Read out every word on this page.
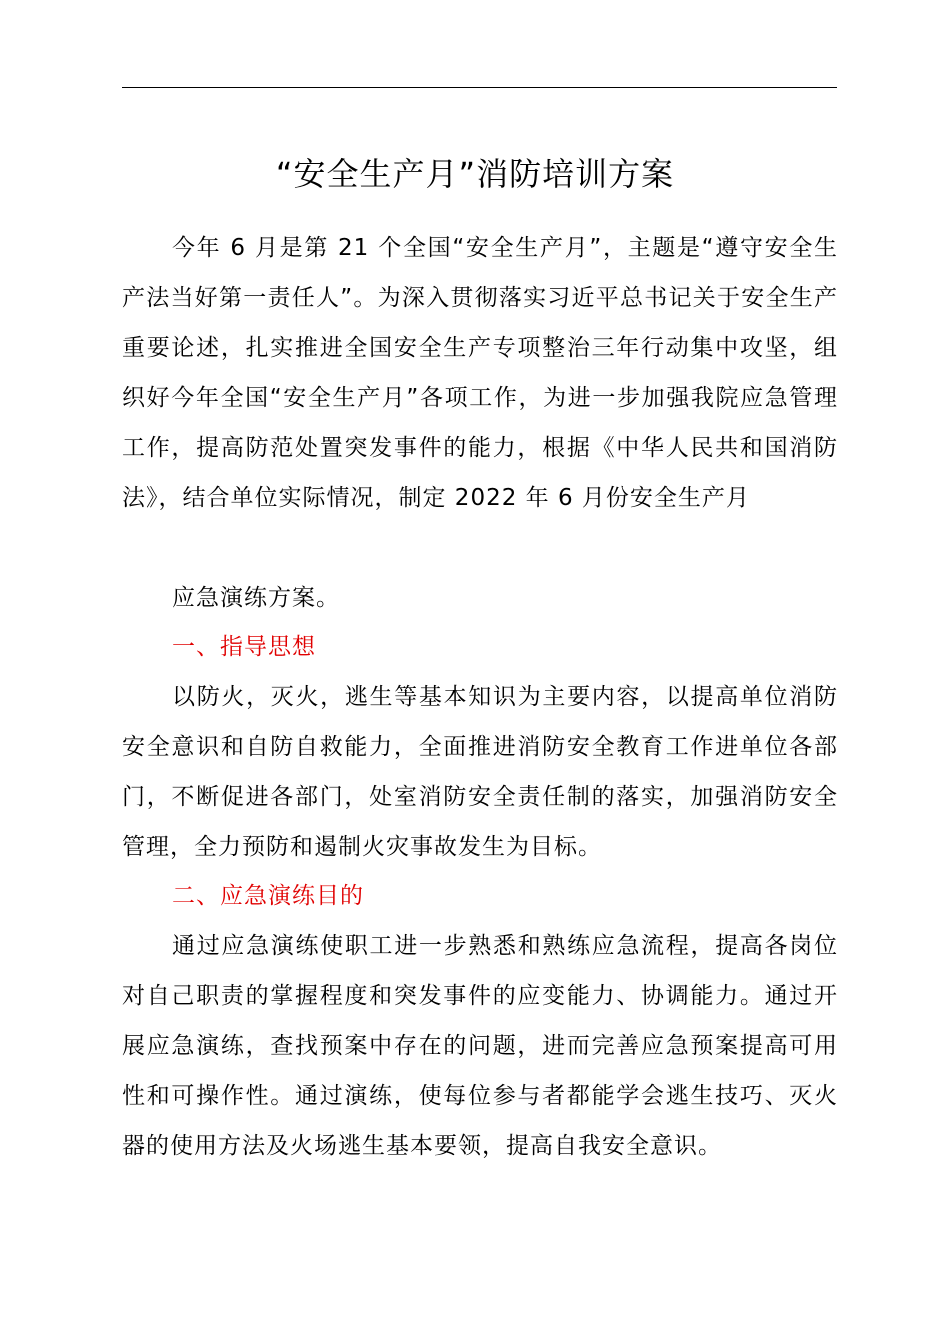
“安全生产月”消防培训方案
今年 6 月是第 21 个全国“安全生产月”，主题是“遵守安全生产法当好第一责任人”。为深入贯彻落实习近平总书记关于安全生产重要论述，扎实推进全国安全生产专项整治三年行动集中攻坚，组织好今年全国“安全生产月”各项工作，为进一步加强我院应急管理工作，提高防范处置突发事件的能力，根据《中华人民共和国消防法》，结合单位实际情况，制定 2022 年 6 月份安全生产月
应急演练方案。
一、指导思想
以防火，灭火，逃生等基本知识为主要内容，以提高单位消防安全意识和自防自救能力，全面推进消防安全教育工作进单位各部门，不断促进各部门，处室消防安全责任制的落实，加强消防安全管理，全力预防和遏制火灾事故发生为目标。
二、应急演练目的
通过应急演练使职工进一步熟悉和熟练应急流程，提高各岗位对自己职责的掌握程度和突发事件的应变能力、协调能力。通过开展应急演练，查找预案中存在的问题，进而完善应急预案提高可用性和可操作性。通过演练，使每位参与者都能学会逃生技巧、灭火器的使用方法及火场逃生基本要领，提高自我安全意识。
